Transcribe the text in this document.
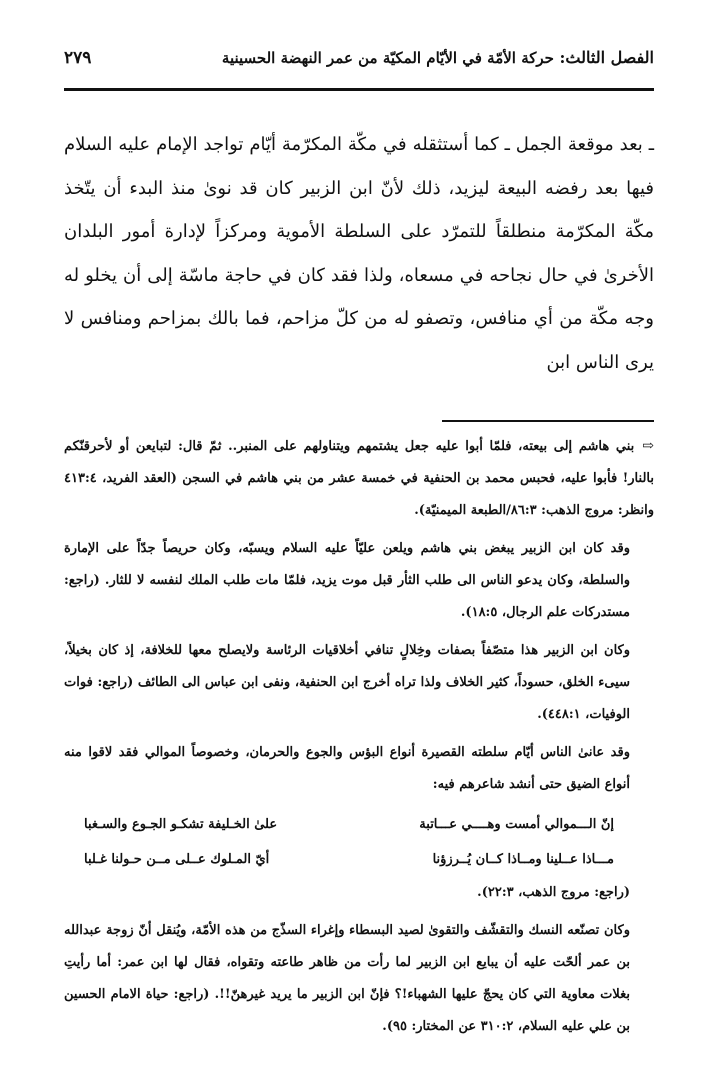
الفصل الثالث: حركة الأمّة في الأيّام المكيّة من عمر النهضة الحسينية
٢٧٩

ـ بعد موقعة الجمل ـ كما أستثقله في مكّة المكرّمة أيّام تواجد الإمام عليه السلام فيها بعد رفضه البيعة ليزيد، ذلك لأنّ ابن الزبير كان قد نوىٰ منذ البدء أن يتّخذ مكّة المكرّمة منطلقاً للتمرّد على السلطة الأموية ومركزاً لإدارة أمور البلدان الأخرىٰ في حال نجاحه في مسعاه، ولذا فقد كان في حاجة ماسّة إلى أن يخلو له وجه مكّة من أي منافس، وتصفو له من كلّ مزاحم، فما بالك بمزاحم ومنافس لا يرى الناس ابن

⇨بني هاشم إلى بيعته، فلمّا أبوا عليه جعل يشتمهم ويتناولهم على المنبر.. ثمّ قال: لتبايعن أو لأحرقنّكم بالنار! فأبوا عليه، فحبس محمد بن الحنفية في خمسة عشر من بني هاشم في السجن (العقد الفريد، ٤١٣:٤ وانظر: مروج الذهب: ٨٦:٣/الطبعة الميمنيّة).

وقد كان ابن الزبير يبغض بني هاشم ويلعن عليّاً عليه السلام ويسبّه، وكان حريصاً جدّاً على الإمارة والسلطة، وكان يدعو الناس الى طلب الثأر قبل موت يزيد، فلمّا مات طلب الملك لنفسه لا للثار. (راجع: مستدركات علم الرجال، ١٨:٥).

وكان ابن الزبير هذا متصّفاً بصفات وخِلالٍ تنافي أخلاقيات الرئاسة ولايصلح معها للخلافة، إذ كان بخيلاً، سيىء الخلق، حسوداً، كثير الخلاف ولذا تراه أخرج ابن الحنفية، ونفى ابن عباس الى الطائف (راجع: فوات الوفيات، ٤٤٨:١).

وقد عانىٰ الناس أيّام سلطته القصيرة أنواع البؤس والجوع والحرمان، وخصوصاً الموالي فقد لاقوا منه أنواع الضيق حتى أنشد شاعرهم فيه:

إنّ الـــموالي أمست وهــــي عـــاتبة
علىٰ الخـليفة تشكـو الجـوع والسـغبا
مـــاذا عــلينا ومــاذا كــان يُــرزؤنا
أيّ المـلوك عــلى مــن حـولنا غـلبا

(راجع: مروج الذهب، ٢٢:٣).

وكان تصنّعه النسك والتقشّف والتقوىٰ لصيد البسطاء وإغراء السذّج من هذه الأمّة، ويُنقل أنّ زوجة عبدالله بن عمر ألحّت عليه أن يبايع ابن الزبير لما رأت من ظاهر طاعته وتقواه، فقال لها ابن عمر: أما رأيتِ بغلات معاوية التي كان يحجّ عليها الشهباء!؟ فإنّ ابن الزبير ما يريد غيرهنّ!!. (راجع: حياة الامام الحسين بن علي عليه السلام، ٣١٠:٢ عن المختار: ٩٥).
